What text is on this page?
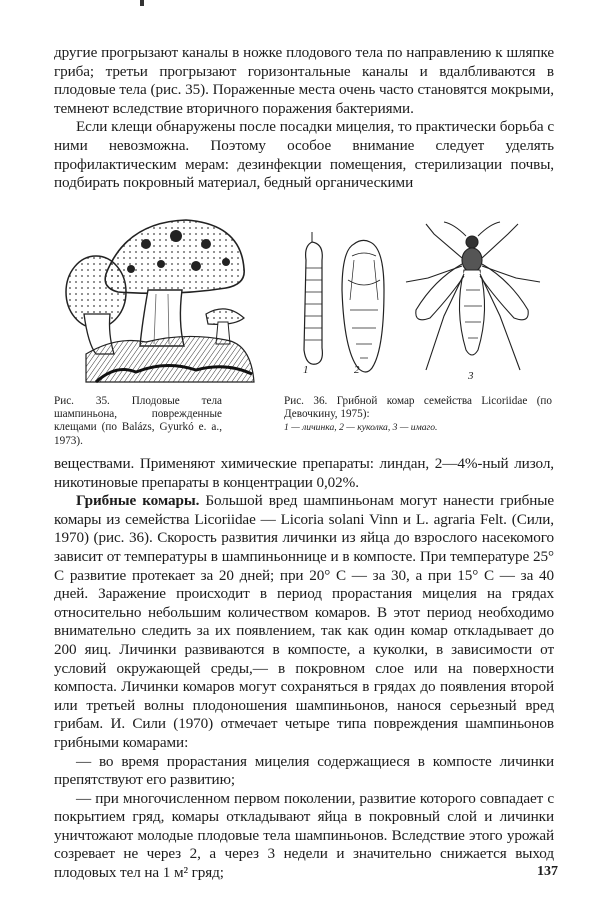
другие прогрызают каналы в ножке плодового тела по направлению к шляпке гриба; третьи прогрызают горизонтальные каналы и вдалбливаются в плодовые тела (рис. 35). Пораженные места очень часто становятся мокрыми, темнеют вследствие вторичного поражения бактериями.

Если клещи обнаружены после посадки мицелия, то практически борьба с ними невозможна. Поэтому особое внимание следует уделять профилактическим мерам: дезинфекции помещения, стерилизации почвы, подбирать покровный материал, бедный органическими

1	2	3
Рис. 35. Плодовые тела шампиньона, поврежденные клещами (по Balázs, Gyurkó е. а., 1973).
Рис. 36. Грибной комар семейства Licoriidae (по Девочкину, 1975):
1 — личинка, 2 — куколка, 3 — имаго.

веществами. Применяют химические препараты: линдан, 2—4%-ный лизол, никотиновые препараты в концентрации 0,02%.

Грибные комары. Большой вред шампиньонам могут нанести грибные комары из семейства Licoriidae — Licoria solani Vinn и L. agraria Felt. (Сили, 1970) (рис. 36). Скорость развития личинки из яйца до взрослого насекомого зависит от температуры в шампиньоннице и в компосте. При температуре 25° С развитие протекает за 20 дней; при 20° С — за 30, а при 15° С — за 40 дней. Заражение происходит в период прорастания мицелия на грядах относительно небольшим количеством комаров. В этот период необходимо внимательно следить за их появлением, так как один комар откладывает до 200 яиц. Личинки развиваются в компосте, а куколки, в зависимости от условий окружающей среды,— в покровном слое или на поверхности компоста. Личинки комаров могут сохраняться в грядах до появления второй или третьей волны плодоношения шампиньонов, нанося серьезный вред грибам. И. Сили (1970) отмечает четыре типа повреждения шампиньонов грибными комарами:

— во время прорастания мицелия содержащиеся в компосте личинки препятствуют его развитию;

— при многочисленном первом поколении, развитие которого совпадает с покрытием гряд, комары откладывают яйца в покровный слой и личинки уничтожают молодые плодовые тела шампиньонов. Вследствие этого урожай созревает не через 2, а через 3 недели и значительно снижается выход плодовых тел на 1 м² гряд;	137
